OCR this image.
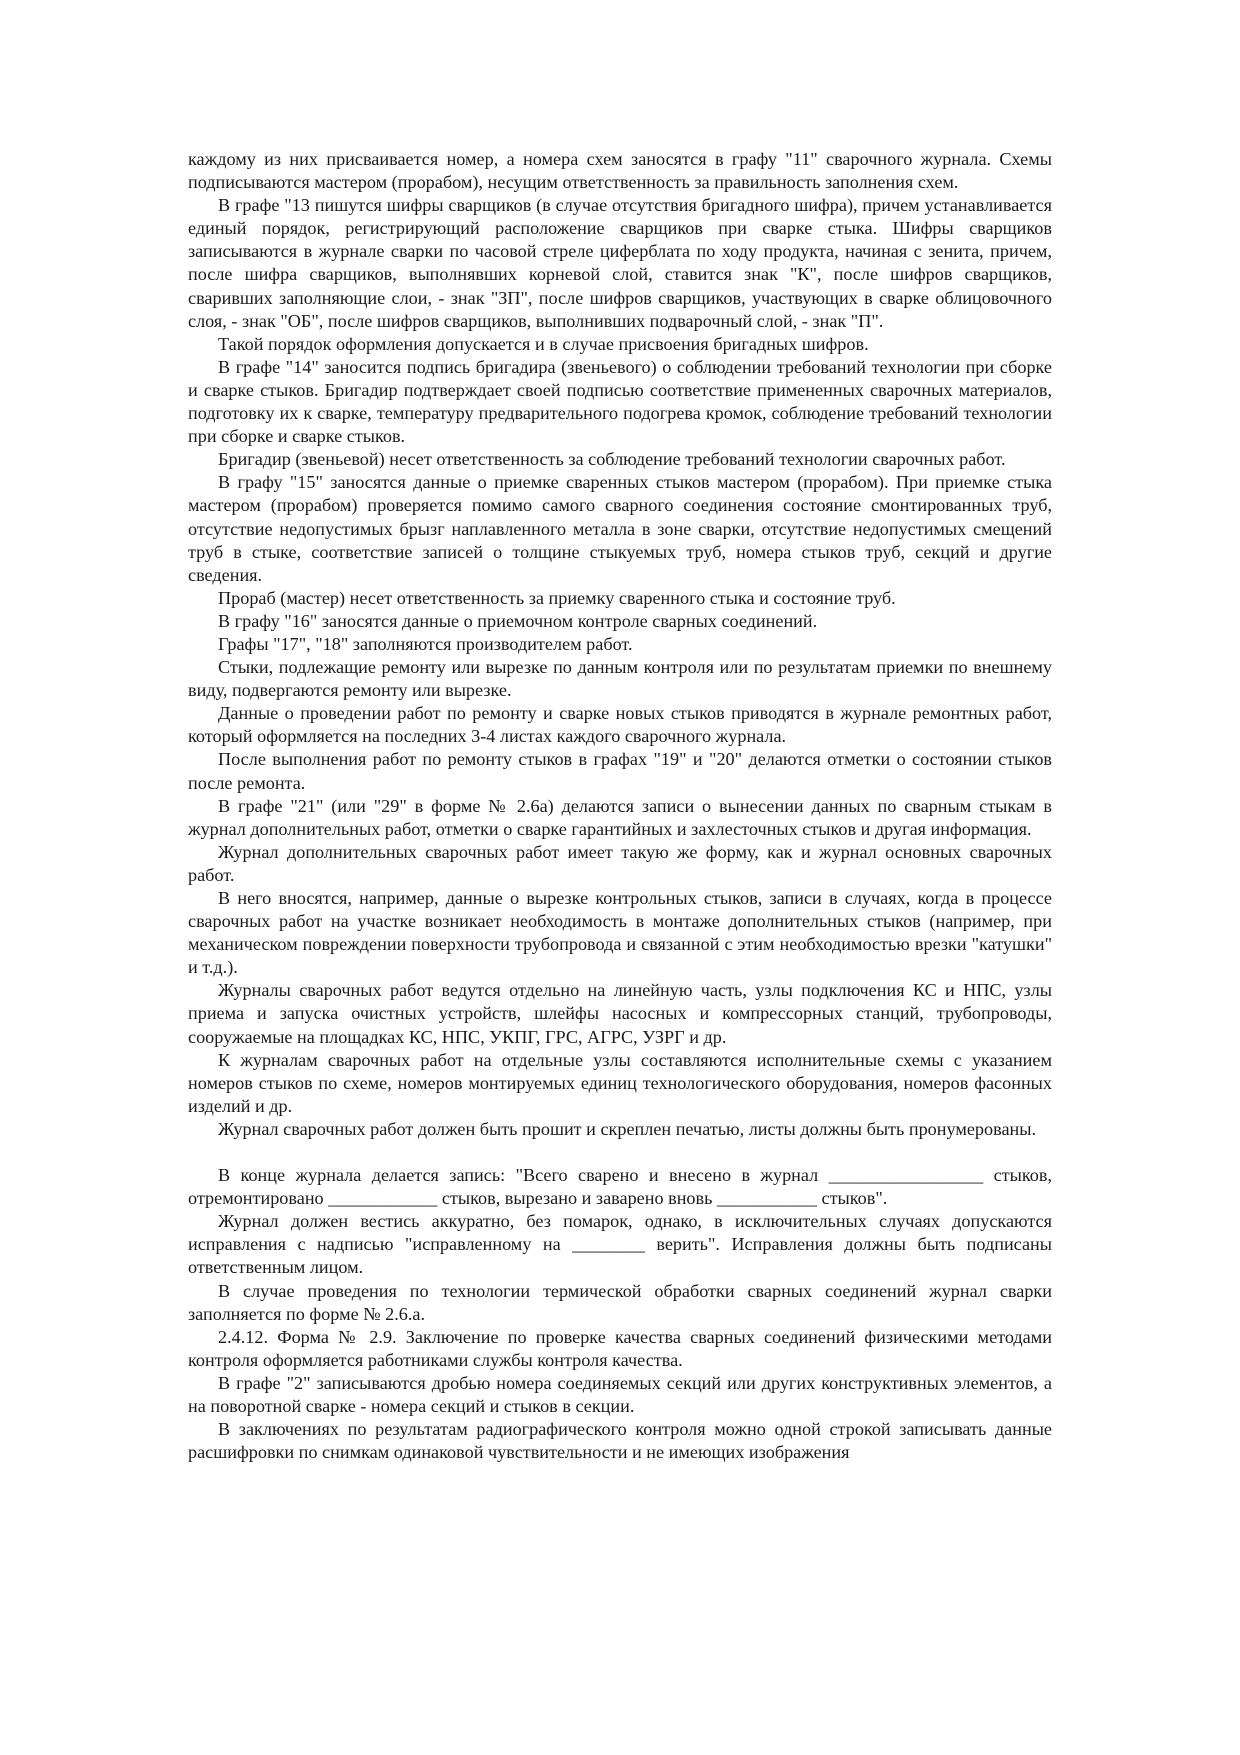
каждому из них присваивается номер, а номера схем заносятся в графу "11" сварочного журнала. Схемы подписываются мастером (прорабом), несущим ответственность за правильность заполнения схем.

В графе "13 пишутся шифры сварщиков (в случае отсутствия бригадного шифра), причем устанавливается единый порядок, регистрирующий расположение сварщиков при сварке стыка. Шифры сварщиков записываются в журнале сварки по часовой стреле циферблата по ходу продукта, начиная с зенита, причем, после шифра сварщиков, выполнявших корневой слой, ставится знак "К", после шифров сварщиков, сваривших заполняющие слои, - знак "ЗП", после шифров сварщиков, участвующих в сварке облицовочного слоя, - знак "ОБ", после шифров сварщиков, выполнивших подварочный слой, - знак "П".

Такой порядок оформления допускается и в случае присвоения бригадных шифров.

В графе "14" заносится подпись бригадира (звеньевого) о соблюдении требований технологии при сборке и сварке стыков. Бригадир подтверждает своей подписью соответствие примененных сварочных материалов, подготовку их к сварке, температуру предварительного подогрева кромок, соблюдение требований технологии при сборке и сварке стыков.

Бригадир (звеньевой) несет ответственность за соблюдение требований технологии сварочных работ.

В графу "15" заносятся данные о приемке сваренных стыков мастером (прорабом). При приемке стыка мастером (прорабом) проверяется помимо самого сварного соединения состояние смонтированных труб, отсутствие недопустимых брызг наплавленного металла в зоне сварки, отсутствие недопустимых смещений труб в стыке, соответствие записей о толщине стыкуемых труб, номера стыков труб, секций и другие сведения.

Прораб (мастер) несет ответственность за приемку сваренного стыка и состояние труб.

В графу "16" заносятся данные о приемочном контроле сварных соединений.

Графы "17", "18" заполняются производителем работ.

Стыки, подлежащие ремонту или вырезке по данным контроля или по результатам приемки по внешнему виду, подвергаются ремонту или вырезке.

Данные о проведении работ по ремонту и сварке новых стыков приводятся в журнале ремонтных работ, который оформляется на последних 3-4 листах каждого сварочного журнала.

После выполнения работ по ремонту стыков в графах "19" и "20" делаются отметки о состоянии стыков после ремонта.

В графе "21" (или "29" в форме № 2.6а) делаются записи о вынесении данных по сварным стыкам в журнал дополнительных работ, отметки о сварке гарантийных и захлесточных стыков и другая информация.

Журнал дополнительных сварочных работ имеет такую же форму, как и журнал основных сварочных работ.

В него вносятся, например, данные о вырезке контрольных стыков, записи в случаях, когда в процессе сварочных работ на участке возникает необходимость в монтаже дополнительных стыков (например, при механическом повреждении поверхности трубопровода и связанной с этим необходимостью врезки "катушки" и т.д.).

Журналы сварочных работ ведутся отдельно на линейную часть, узлы подключения КС и НПС, узлы приема и запуска очистных устройств, шлейфы насосных и компрессорных станций, трубопроводы, сооружаемые на площадках КС, НПС, УКПГ, ГРС, АГРС, УЗРГ и др.

К журналам сварочных работ на отдельные узлы составляются исполнительные схемы с указанием номеров стыков по схеме, номеров монтируемых единиц технологического оборудования, номеров фасонных изделий и др.

Журнал сварочных работ должен быть прошит и скреплен печатью, листы должны быть пронумерованы.

В конце журнала делается запись: "Всего сварено и внесено в журнал _________________ стыков, отремонтировано ____________ стыков, вырезано и заварено вновь ___________ стыков".

Журнал должен вестись аккуратно, без помарок, однако, в исключительных случаях допускаются исправления с надписью "исправленному на ________ верить". Исправления должны быть подписаны ответственным лицом.

В случае проведения по технологии термической обработки сварных соединений журнал сварки заполняется по форме № 2.6.а.

2.4.12. Форма № 2.9. Заключение по проверке качества сварных соединений физическими методами контроля оформляется работниками службы контроля качества.

В графе "2" записываются дробью номера соединяемых секций или других конструктивных элементов, а на поворотной сварке - номера секций и стыков в секции.

В заключениях по результатам радиографического контроля можно одной строкой записывать данные расшифровки по снимкам одинаковой чувствительности и не имеющих изображения
